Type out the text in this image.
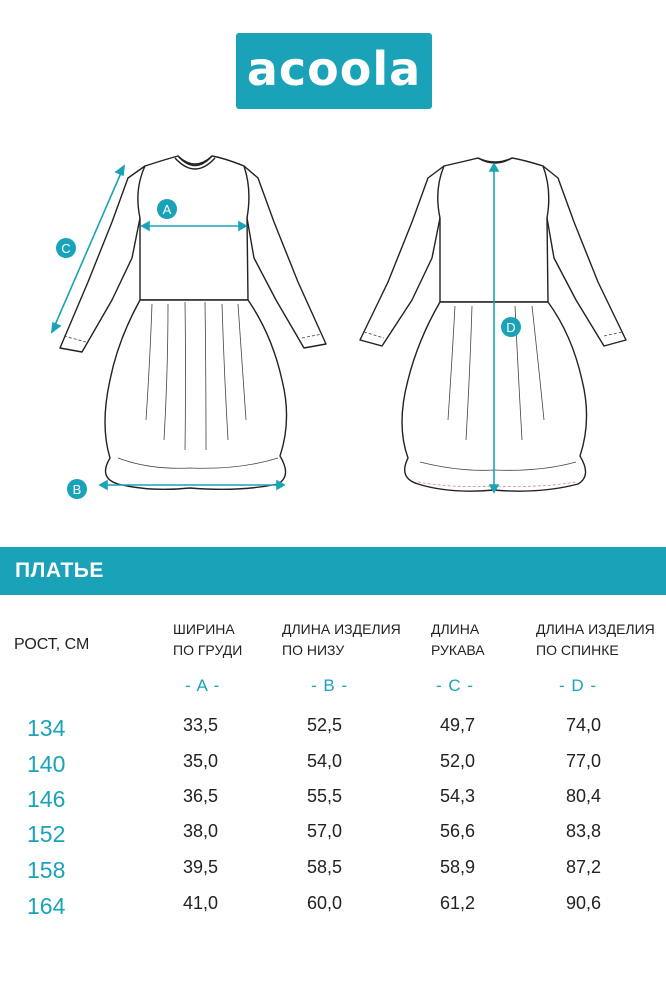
acoola
A
C
B
D
ПЛАТЬЕ
РОСТ, СМ
ШИРИНА
ПО ГРУДИ
ДЛИНА ИЗДЕЛИЯ
ПО НИЗУ
ДЛИНА
РУКАВА
ДЛИНА ИЗДЕЛИЯ
ПО СПИНКЕ
- A -	- B -	- C -	- D -
134	33,5	52,5	49,7	74,0
140	35,0	54,0	52,0	77,0
146	36,5	55,5	54,3	80,4
152	38,0	57,0	56,6	83,8
158	39,5	58,5	58,9	87,2
164	41,0	60,0	61,2	90,6
